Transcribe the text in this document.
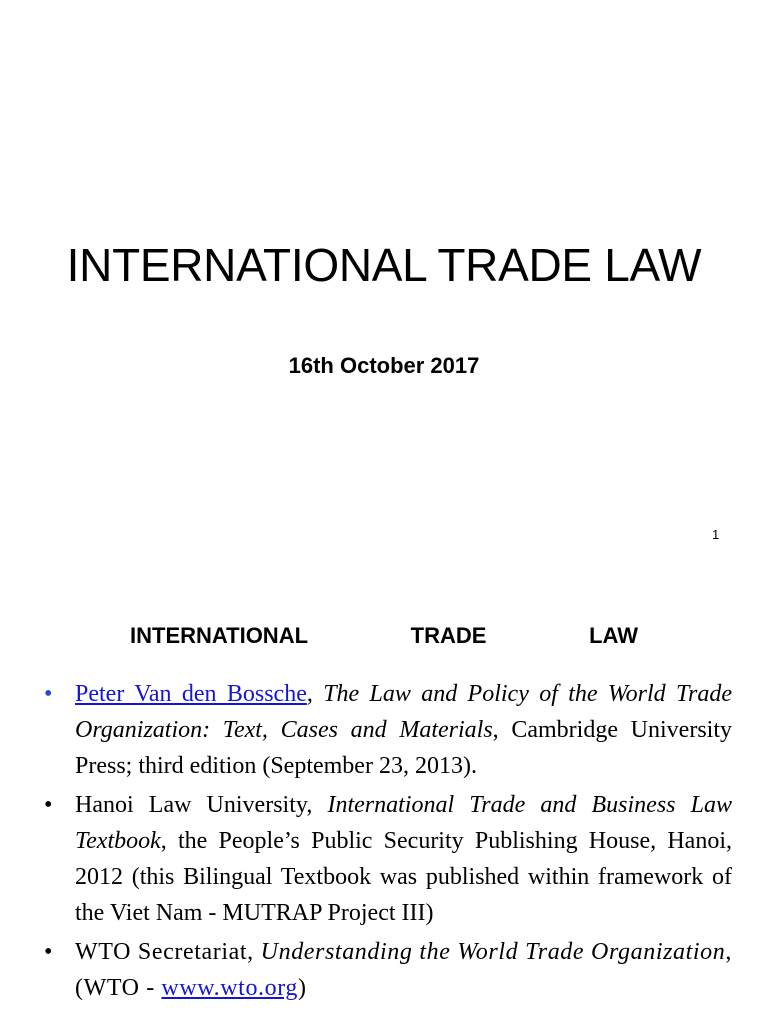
INTERNATIONAL TRADE LAW
16th October 2017
1
INTERNATIONAL	TRADE	LAW
• Peter Van den Bossche, The Law and Policy of the World Trade Organization: Text, Cases and Materials, Cambridge University Press; third edition (September 23, 2013).
• Hanoi Law University, International Trade and Business Law Textbook, the People’s Public Security Publishing House, Hanoi, 2012 (this Bilingual Textbook was published within framework of the Viet Nam - MUTRAP Project III)
• WTO Secretariat, Understanding the World Trade Organization, (WTO - www.wto.org)
